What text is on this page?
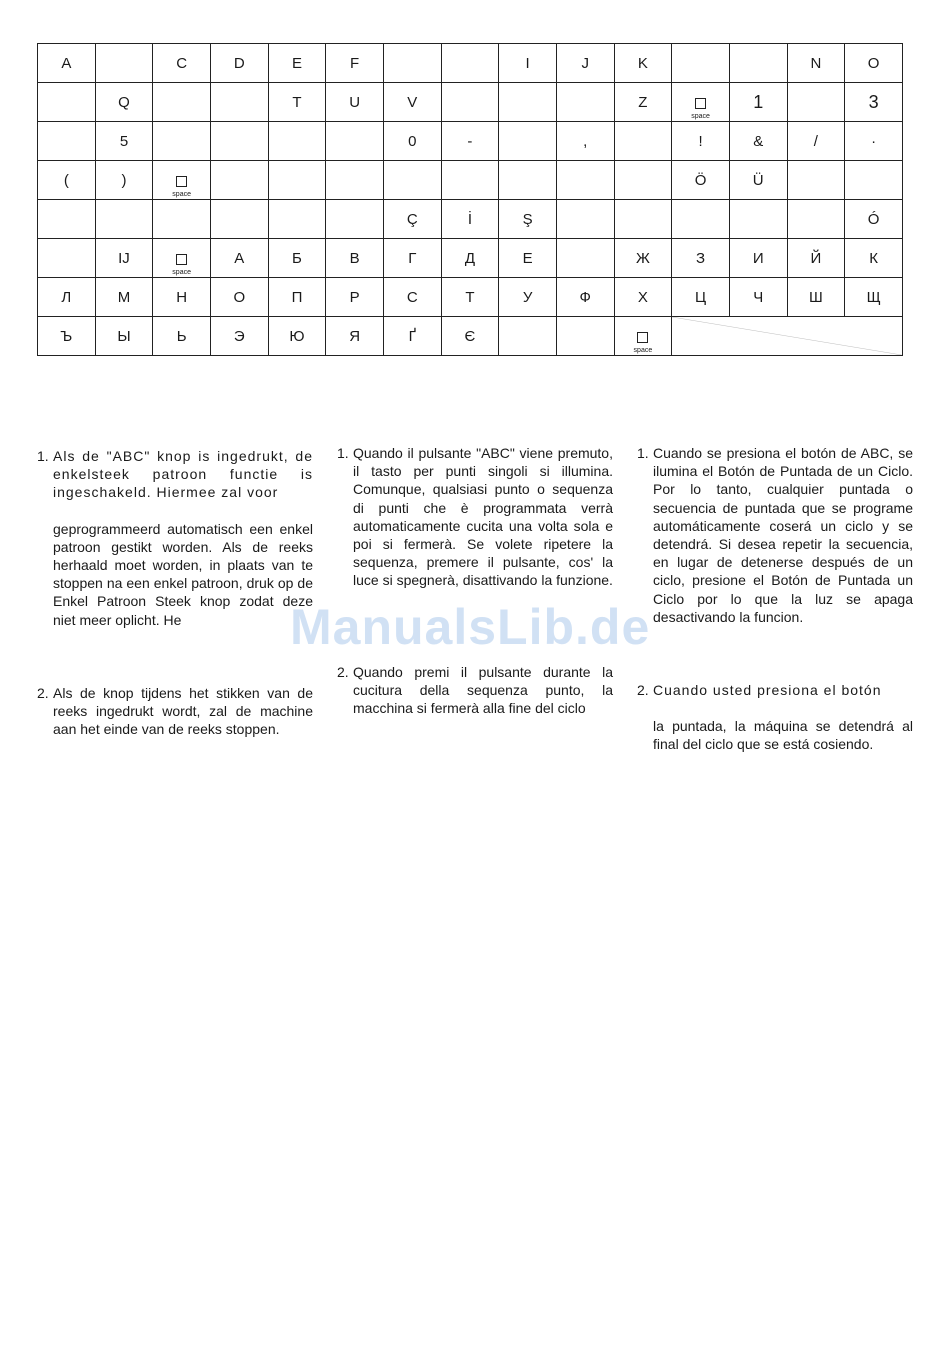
A		C	D	E	F			I	J	K			N	O
	Q			T	U	V				Z	space	1		3
	5					0	-		,		!	&	/	·
(	)	space									Ö	Ü		
						Ç	İ	Ş						Ó
	IJ	space	А	Б	В	Г	Д	Е		Ж	З	И	Й	К
Л	М	Н	О	П	Р	С	Т	У	Ф	Х	Ц	Ч	Ш	Щ
Ъ	Ы	Ь	Э	Ю	Я	Ґ	Є			space

1. Als de "ABC" knop is ingedrukt, de enkelsteek patroon functie is ingeschakeld. Hiermee zal voor

geprogrammeerd automatisch een enkel patroon gestikt worden. Als de reeks herhaald moet worden, in plaats van te stoppen na een enkel patroon, druk op de Enkel Patroon Steek knop zodat deze niet meer oplicht. He

2. Als de knop tijdens het stikken van de reeks ingedrukt wordt, zal de machine aan het einde van de reeks stoppen.

1. Quando il pulsante "ABC" viene premuto, il tasto per punti singoli si illumina. Comunque, qualsiasi punto o sequenza di punti che è programmata verrà automaticamente cucita una volta sola e poi si fermerà. Se volete ripetere la sequenza, premere il pulsante, cos' la luce si spegnerà, disattivando la funzione.

2. Quando premi il pulsante durante la cucitura della sequenza punto, la macchina si fermerà alla fine del ciclo

1. Cuando se presiona el botón de ABC, se ilumina el Botón de Puntada de un Ciclo. Por lo tanto, cualquier puntada o secuencia de puntada que se programe automáticamente coserá un ciclo y se detendrá. Si desea repetir la secuencia, en lugar de detenerse después de un ciclo, presione el Botón de Puntada un Ciclo por lo que la luz se apaga desactivando la funcion.

2. Cuando usted presiona el botón

la puntada, la máquina se detendrá al final del ciclo que se está cosiendo.

ManualsLib.de
